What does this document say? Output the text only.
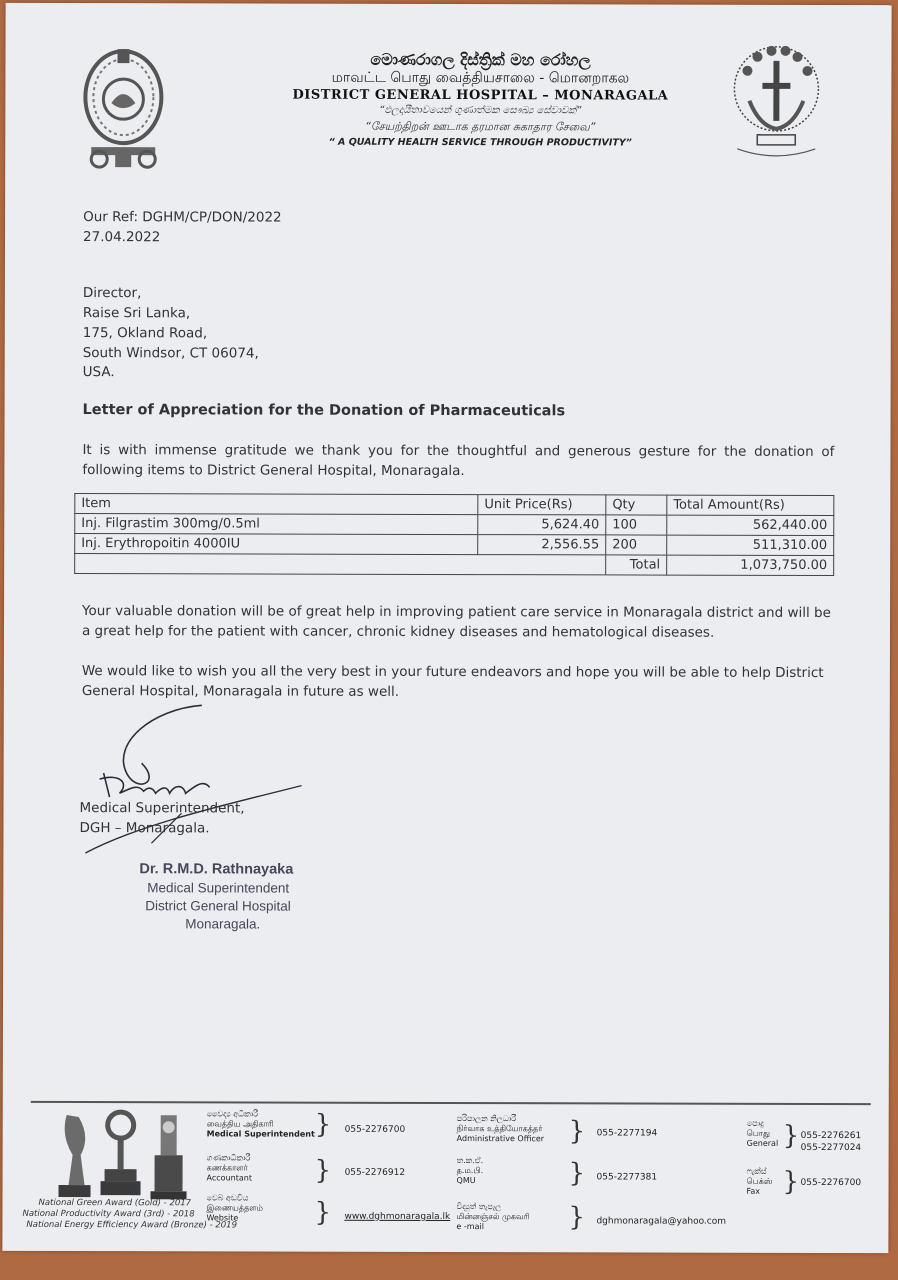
මොණරාගල දිස්ත්‍රික් මහ රෝහල
மாவட்ட பொது வைத்தியசாலை - மொனறாகல
DISTRICT GENERAL HOSPITAL – MONARAGALA
“ඵලදායීතාවයෙන් ගුණාත්මක සෞඛ්‍ය සේවාවක්”
“சேயற்திறன் ஊடாக தரமான சுகாதார சேவை”
“ A QUALITY HEALTH SERVICE THROUGH PRODUCTIVITY”
Our Ref: DGHM/CP/DON/2022
27.04.2022
Director,
Raise Sri Lanka,
175, Okland Road,
South Windsor, CT 06074,
USA.
Letter of Appreciation for the Donation of Pharmaceuticals
It is with immense gratitude we thank you for the thoughtful and generous gesture for the donation of following items to District General Hospital, Monaragala.
Item	Unit Price(Rs)	Qty	Total Amount(Rs)
Inj. Filgrastim 300mg/0.5ml	5,624.40	100	562,440.00
Inj. Erythropoitin 4000IU	2,556.55	200	511,310.00
		Total	1,073,750.00
Your valuable donation will be of great help in improving patient care service in Monaragala district and will be a great help for the patient with cancer, chronic kidney diseases and hematological diseases.
We would like to wish you all the very best in your future endeavors and hope you will be able to help District General Hospital, Monaragala in future as well.
Medical Superintendent,
DGH – Monaragala.
Dr. R.M.D. Rathnayaka
Medical Superintendent
District General Hospital
Monaragala.
National Green Award (Gold) - 2017
National Productivity Award (3rd) - 2018
National Energy Efficiency Award (Bronze) - 2019
වෛද්‍ය අධිකාරී
வைத்திய அதிகாரி
Medical Superintendent } 055-2276700
ගණකාධිකාරී
கணக்காளர்
Accountant } 055-2276912
වෙබ් අඩවිය
இணையத்தளம்
Website	} www.dghmonaragala.lk
පරිපාලන නිලධාරී
நிர்வாக உத்தியோகத்தர்
Administrative Officer } 055-2277194
ත.ක.ඒ.
த.ம.பி.
QMU	} 055-2277381
විද්‍යුත් තැපෑල
மின்னஞ்சல் முகவரி
e -mail	} dghmonaragala@yahoo.com
පොදු
பொது
General } 055-2276261
055-2277024
ෆැක්ස්
பெக்ஸ்
Fax } 055-2276700
